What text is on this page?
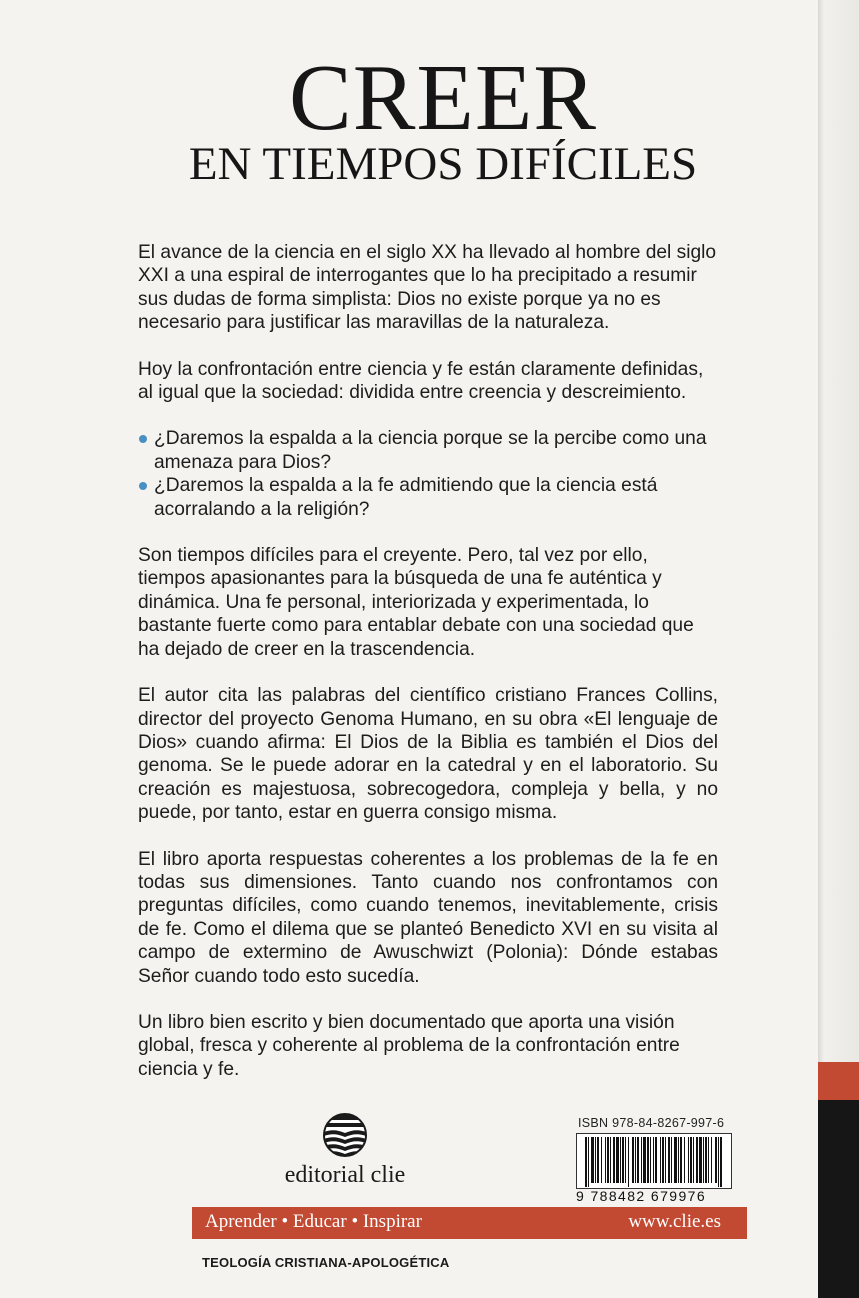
CREER
EN TIEMPOS DIFÍCILES

El avance de la ciencia en el siglo XX ha llevado al hombre del siglo XXI a una espiral de interrogantes que lo ha precipitado a resumir sus dudas de forma simplista: Dios no existe porque ya no es necesario para justificar las maravillas de la naturaleza.

Hoy la confrontación entre ciencia y fe están claramente definidas, al igual que la sociedad: dividida entre creencia y descreimiento.

¿Daremos la espalda a la ciencia porque se la percibe como una amenaza para Dios?
¿Daremos la espalda a la fe admitiendo que la ciencia está acorralando a la religión?

Son tiempos difíciles para el creyente. Pero, tal vez por ello, tiempos apasionantes para la búsqueda de una fe auténtica y dinámica. Una fe personal, interiorizada y experimentada, lo bastante fuerte como para entablar debate con una sociedad que ha dejado de creer en la trascendencia.

El autor cita las palabras del científico cristiano Frances Collins, director del proyecto Genoma Humano, en su obra «El lenguaje de Dios» cuando afirma: El Dios de la Biblia es también el Dios del genoma. Se le puede adorar en la catedral y en el laboratorio. Su creación es majestuosa, sobrecogedora, compleja y bella, y no puede, por tanto, estar en guerra consigo misma.

El libro aporta respuestas coherentes a los problemas de la fe en todas sus dimensiones. Tanto cuando nos confrontamos con preguntas difíciles, como cuando tenemos, inevitablemente, crisis de fe. Como el dilema que se planteó Benedicto XVI en su visita al campo de extermino de Awuschwizt (Polonia): Dónde estabas Señor cuando todo esto sucedía.

Un libro bien escrito y bien documentado que aporta una visión global, fresca y coherente al problema de la confrontación entre ciencia y fe.

editorial clie
ISBN 978-84-8267-997-6
9 788482 679976
Aprender • Educar • Inspirar	www.clie.es
TEOLOGÍA CRISTIANA-APOLOGÉTICA
